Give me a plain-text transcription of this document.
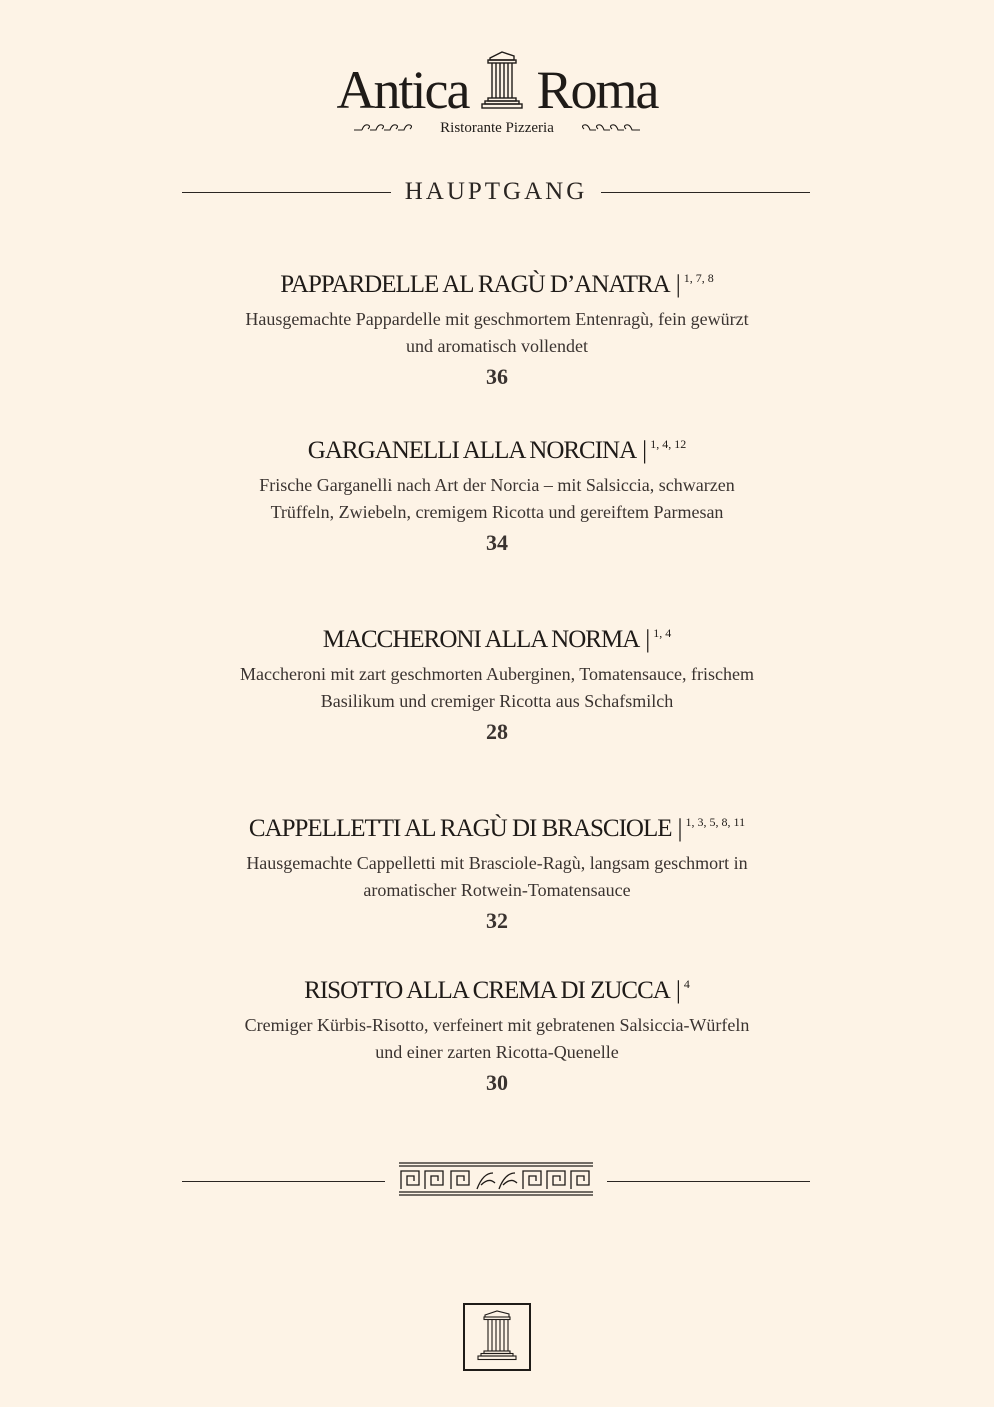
Antica Roma
Ristorante Pizzeria
HAUPTGANG
PAPPARDELLE AL RAGÙ D’ANATRA | $^{1, 7, 8}$
Hausgemachte Pappardelle mit geschmortem Entenragù, fein gewürzt und aromatisch vollendet
36
GARGANELLI ALLA NORCINA | $^{1, 4, 12}$
Frische Garganelli nach Art der Norcia – mit Salsiccia, schwarzen Trüffeln, Zwiebeln, cremigem Ricotta und gereiftem Parmesan
34
MACCHERONI ALLA NORMA | $^{1, 4}$
Maccheroni mit zart geschmorten Auberginen, Tomatensauce, frischem Basilikum und cremiger Ricotta aus Schafsmilch
28
CAPPELLETTI AL RAGÙ DI BRASCIOLE | $^{1, 3, 5, 8, 11}$
Hausgemachte Cappelletti mit Brasciole-Ragù, langsam geschmort in aromatischer Rotwein-Tomatensauce
32
RISOTTO ALLA CREMA DI ZUCCA | $^4$
Cremiger Kürbis-Risotto, verfeinert mit gebratenen Salsiccia-Würfeln und einer zarten Ricotta-Quenelle
30
